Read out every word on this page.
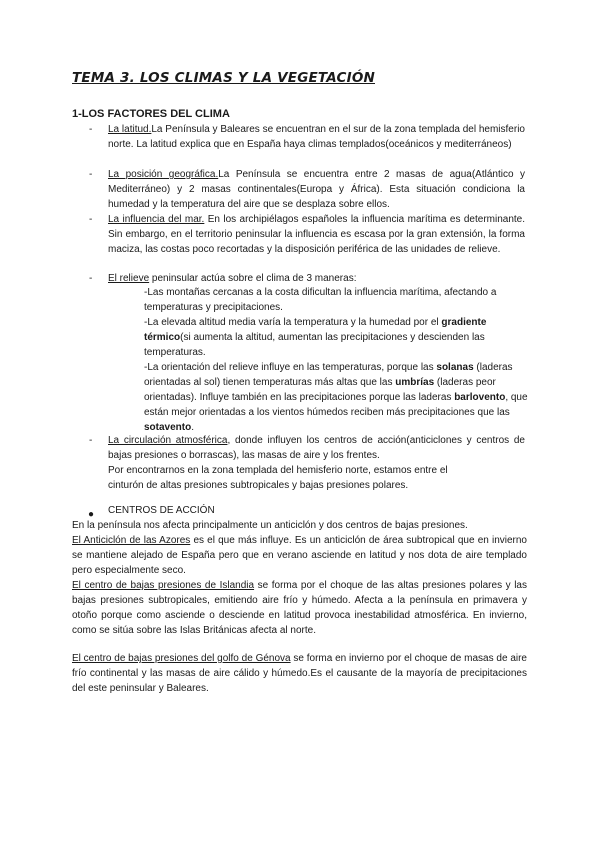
TEMA 3. LOS CLIMAS Y LA VEGETACIÓN
1-LOS FACTORES DEL CLIMA
- La latitud.La Península y Baleares se encuentran en el sur de la zona templada del hemisferio norte. La latitud explica que en España haya climas templados(oceánicos y mediterráneos)

- La posición geográfica.La Península se encuentra entre 2 masas de agua(Atlántico y Mediterráneo) y 2 masas continentales(Europa y África). Esta situación condiciona la humedad y la temperatura del aire que se desplaza sobre ellos.

- La influencia del mar. En los archipiélagos españoles la influencia marítima es determinante. Sin embargo, en el territorio peninsular la influencia es escasa por la gran extensión, la forma maciza, las costas poco recortadas y la disposición periférica de las unidades de relieve.

- El relieve peninsular actúa sobre el clima de 3 maneras:

-Las montañas cercanas a la costa dificultan la influencia marítima, afectando a temperaturas y precipitaciones.

-La elevada altitud media varía la temperatura y la humedad por el gradiente térmico(si aumenta la altitud, aumentan las precipitaciones y descienden las temperaturas.

-La orientación del relieve influye en las temperaturas, porque las solanas (laderas orientadas al sol) tienen temperaturas más altas que las umbrías (laderas peor orientadas). Influye también en las precipitaciones porque las laderas barlovento, que están mejor orientadas a los vientos húmedos reciben más precipitaciones que las sotavento.

- La circulación atmosférica, donde influyen los centros de acción(anticiclones y centros de bajas presiones o borrascas), las masas de aire y los frentes.

Por encontrarnos en la zona templada del hemisferio norte, estamos entre el cinturón de altas presiones subtropicales y bajas presiones polares.

● CENTROS DE ACCIÓN

En la península nos afecta principalmente un anticiclón y dos centros de bajas presiones.

El Anticiclón de las Azores es el que más influye. Es un anticiclón de área subtropical que en invierno se mantiene alejado de España pero que en verano asciende en latitud y nos dota de aire templado pero especialmente seco.

El centro de bajas presiones de Islandia se forma por el choque de las altas presiones polares y las bajas presiones subtropicales, emitiendo aire frío y húmedo. Afecta a la península en primavera y otoño porque como asciende o desciende en latitud provoca inestabilidad atmosférica. En invierno, como se sitúa sobre las Islas Británicas afecta al norte.

El centro de bajas presiones del golfo de Génova se forma en invierno por el choque de masas de aire frío continental y las masas de aire cálido y húmedo.Es el causante de la mayoría de precipitaciones del este peninsular y Baleares.
